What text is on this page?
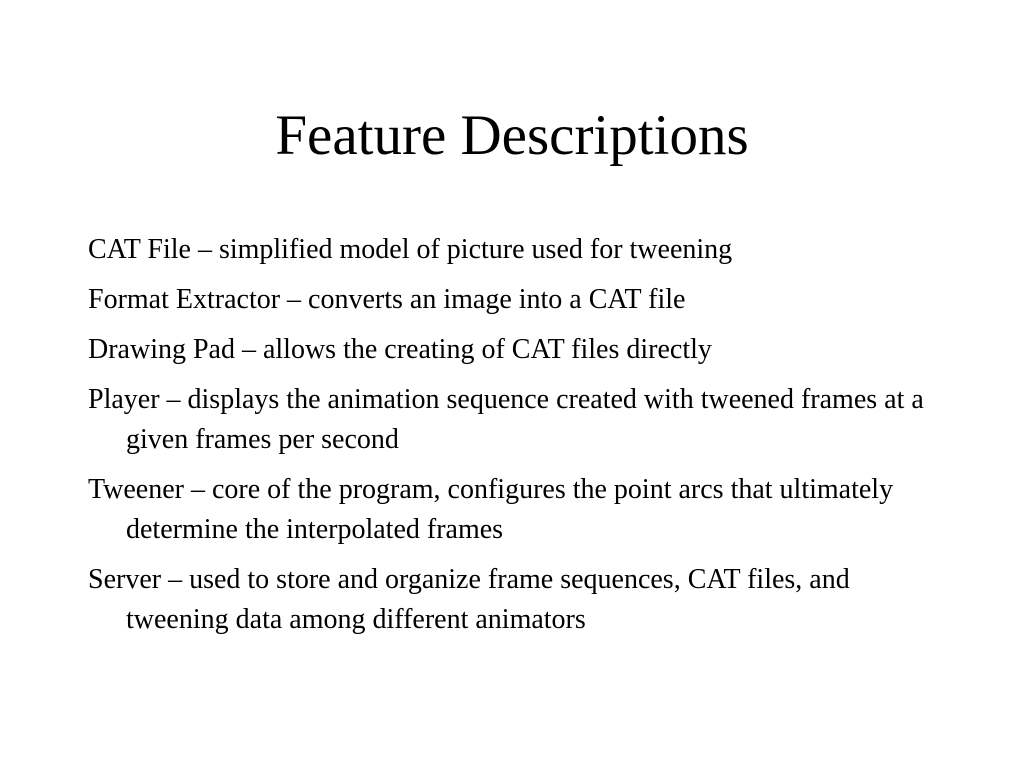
Feature Descriptions
CAT File – simplified model of picture used for tweening
Format Extractor – converts an image into a CAT file
Drawing Pad – allows the creating of CAT files directly
Player – displays the animation sequence created with tweened frames at a given frames per second
Tweener – core of the program, configures the point arcs that ultimately determine the interpolated frames
Server – used to store and organize frame sequences, CAT files, and tweening data among different animators
